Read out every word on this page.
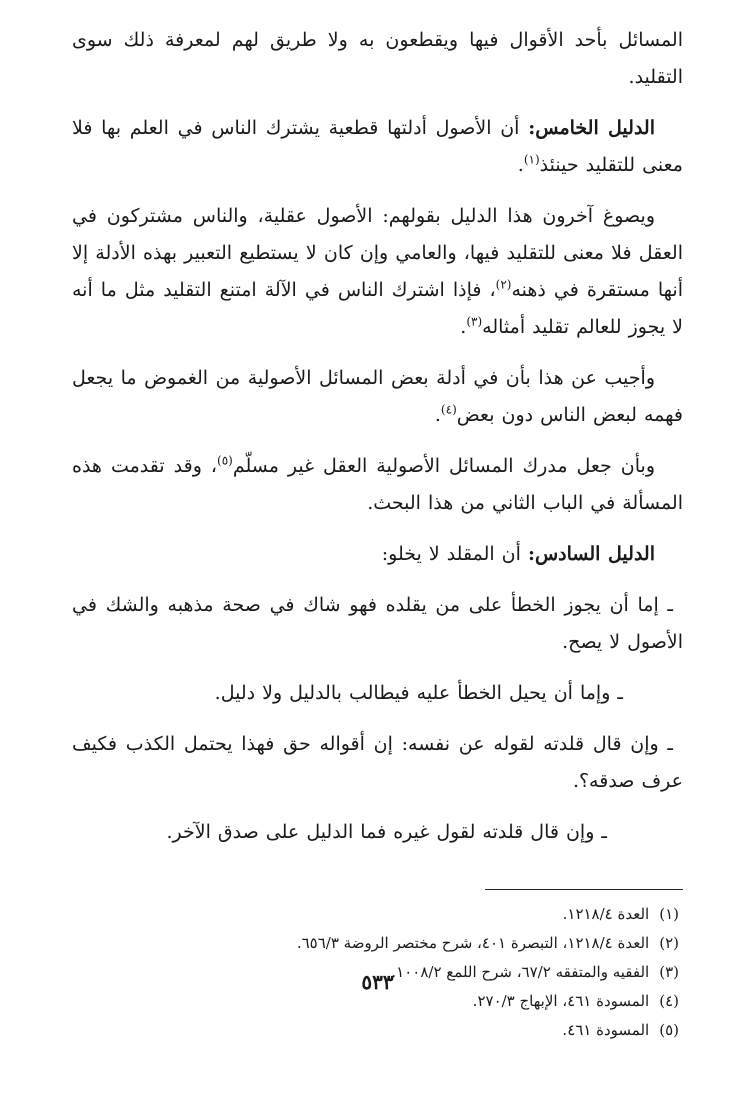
المسائل بأحد الأقوال فيها ويقطعون به ولا طريق لهم لمعرفة ذلك سوى التقليد.

الدليل الخامس: أن الأصول أدلتها قطعية يشترك الناس في العلم بها فلا معنى للتقليد حينئذ$^{(١)}$.

ويصوغ آخرون هذا الدليل بقولهم: الأصول عقلية، والناس مشتركون في العقل فلا معنى للتقليد فيها، والعامي وإن كان لا يستطيع التعبير بهذه الأدلة إلا أنها مستقرة في ذهنه$^{(٢)}$، فإذا اشترك الناس في الآلة امتنع التقليد مثل ما أنه لا يجوز للعالم تقليد أمثاله$^{(٣)}$.

وأجيب عن هذا بأن في أدلة بعض المسائل الأصولية من الغموض ما يجعل فهمه لبعض الناس دون بعض$^{(٤)}$.

وبأن جعل مدرك المسائل الأصولية العقل غير مسلّم$^{(٥)}$، وقد تقدمت هذه المسألة في الباب الثاني من هذا البحث.

الدليل السادس: أن المقلد لا يخلو:

ـ إما أن يجوز الخطأ على من يقلده فهو شاك في صحة مذهبه والشك في الأصول لا يصح.

ـ وإما أن يحيل الخطأ عليه فيطالب بالدليل ولا دليل.

ـ وإن قال قلدته لقوله عن نفسه: إن أقواله حق فهذا يحتمل الكذب فكيف عرف صدقه؟.

ـ وإن قال قلدته لقول غيره فما الدليل على صدق الآخر.

(١)العدة ١٢١٨/٤.

(٢)العدة ١٢١٨/٤، التبصرة ٤٠١، شرح مختصر الروضة ٦٥٦/٣.

(٣)الفقيه والمتفقه ٦٧/٢، شرح اللمع ١٠٠٨/٢.

(٤)المسودة ٤٦١، الإبهاج ٢٧٠/٣.

(٥)المسودة ٤٦١.

٥٣٣
